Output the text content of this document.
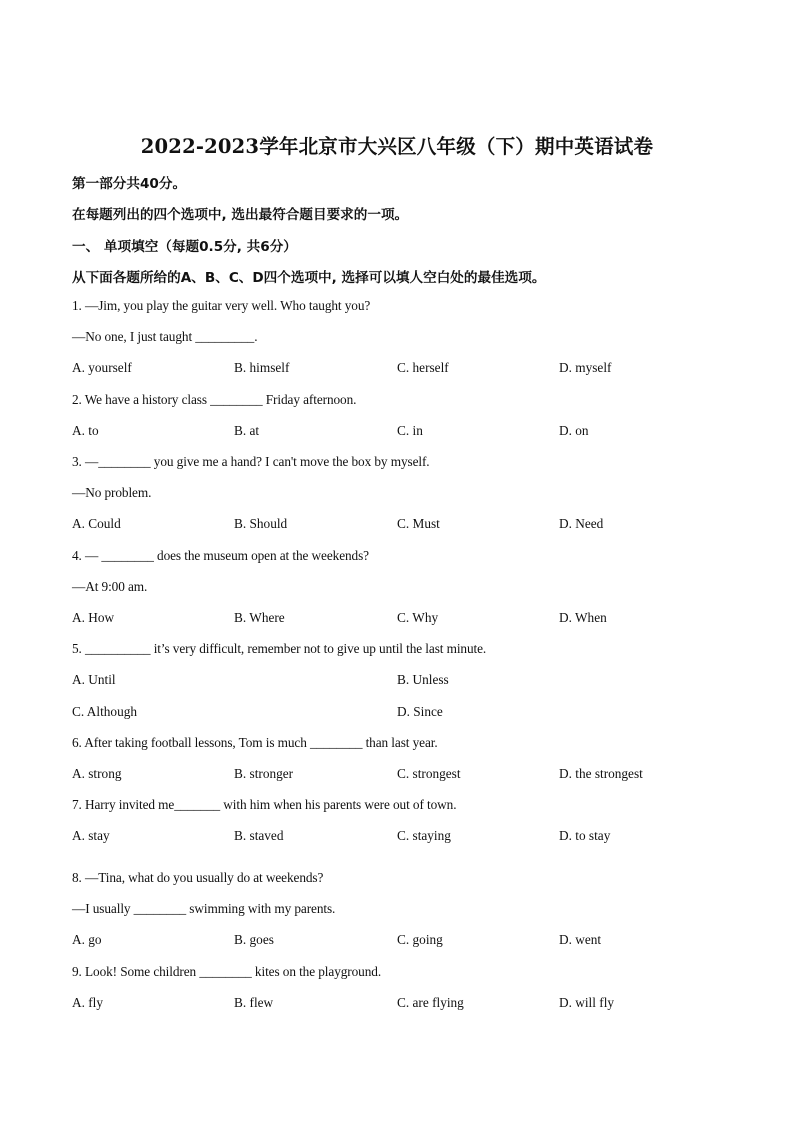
2022-2023学年北京市大兴区八年级（下）期中英语试卷
第一部分共40分。
在每题列出的四个选项中, 选出最符合题目要求的一项。
一、 单项填空（每题0.5分, 共6分）
从下面各题所给的A、B、C、D四个选项中, 选择可以填人空白处的最佳选项。
1. —Jim, you play the guitar very well. Who taught you?
—No one, I just taught _________.
A. yourself	B. himself	C. herself	D. myself
2. We have a history class ________ Friday afternoon.
A. to	B. at	C. in	D. on
3. —________ you give me a hand? I can't move the box by myself.
—No problem.
A. Could	B. Should	C. Must	D. Need
4. — ________ does the museum open at the weekends?
—At 9:00 am.
A. How	B. Where	C. Why	D. When
5. __________ it’s very difficult, remember not to give up until the last minute.
A. Until	B. Unless
C. Although	D. Since
6. After taking football lessons, Tom is much ________ than last year.
A. strong	B. stronger	C. strongest	D. the strongest
7. Harry invited me_______ with him when his parents were out of town.
A. stay	B. staved	C. staying	D. to stay
8. —Tina, what do you usually do at weekends?
—I usually ________ swimming with my parents.
A. go	B. goes	C. going	D. went
9. Look! Some children ________ kites on the playground.
A. fly	B. flew	C. are flying	D. will fly
